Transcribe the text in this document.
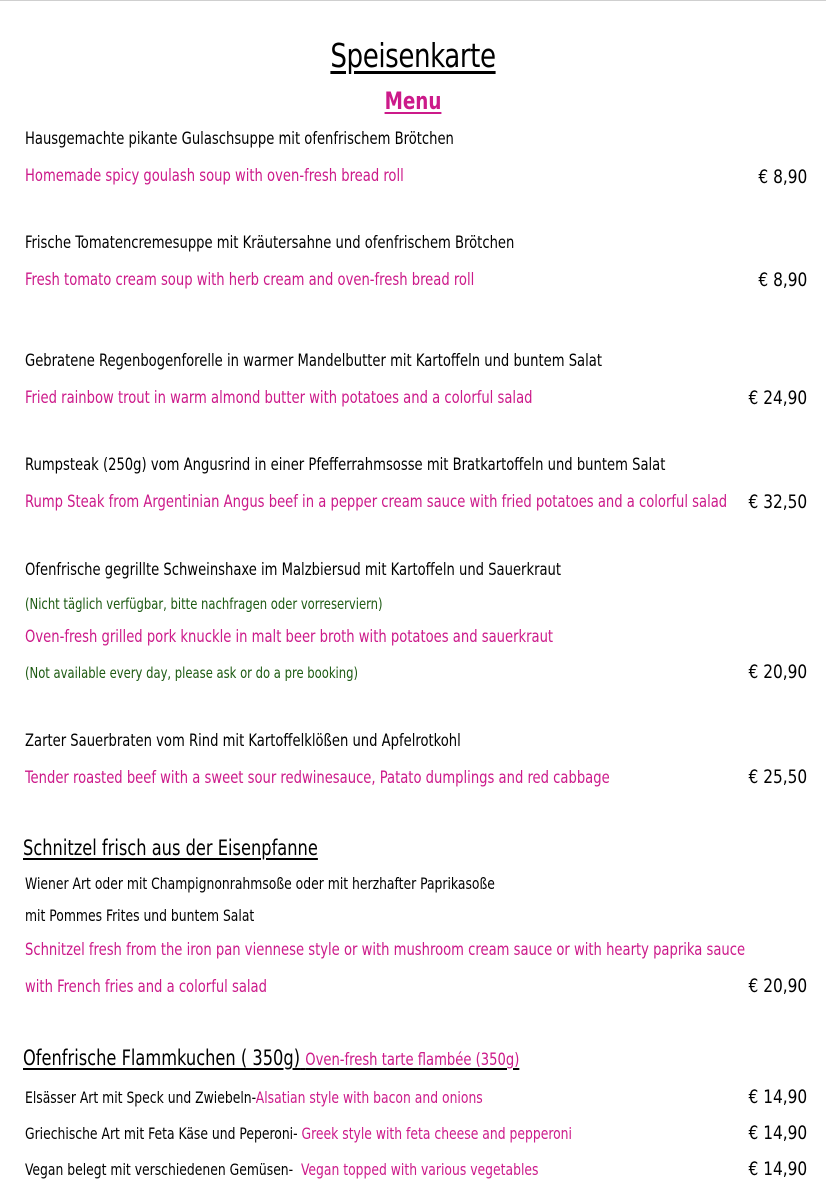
Speisenkarte
Menu
Hausgemachte pikante Gulaschsuppe mit ofenfrischem Brötchen
Homemade spicy goulash soup with oven-fresh bread roll	€ 8,90
Frische Tomatencremesuppe mit Kräutersahne und ofenfrischem Brötchen
Fresh tomato cream soup with herb cream and oven-fresh bread roll	€ 8,90
Gebratene Regenbogenforelle in warmer Mandelbutter mit Kartoffeln und buntem Salat
Fried rainbow trout in warm almond butter with potatoes and a colorful salad	€ 24,90
Rumpsteak (250g) vom Angusrind in einer Pfefferrahmsosse mit Bratkartoffeln und buntem Salat
Rump Steak from Argentinian Angus beef in a pepper cream sauce with fried potatoes and a colorful salad € 32,50
Ofenfrische gegrillte Schweinshaxe im Malzbiersud mit Kartoffeln und Sauerkraut
(Nicht täglich verfügbar, bitte nachfragen oder vorreserviern)
Oven-fresh grilled pork knuckle in malt beer broth with potatoes and sauerkraut
(Not available every day, please ask or do a pre booking)	€ 20,90
Zarter Sauerbraten vom Rind mit Kartoffelklößen und Apfelrotkohl
Tender roasted beef with a sweet sour redwinesauce, Patato dumplings and red cabbage	€ 25,50
Schnitzel frisch aus der Eisenpfanne
Wiener Art oder mit Champignonrahmsoße oder mit herzhafter Paprikasoße
mit Pommes Frites und buntem Salat
Schnitzel fresh from the iron pan viennese style or with mushroom cream sauce or with hearty paprika sauce
with French fries and a colorful salad	€ 20,90
Ofenfrische Flammkuchen ( 350g) Oven-fresh tarte flambée (350g)
Elsässer Art mit Speck und Zwiebeln-Alsatian style with bacon and onions	€ 14,90
Griechische Art mit Feta Käse und Peperoni- Greek style with feta cheese and pepperoni	€ 14,90
Vegan belegt mit verschiedenen Gemüsen-  Vegan topped with various vegetables	€ 14,90
